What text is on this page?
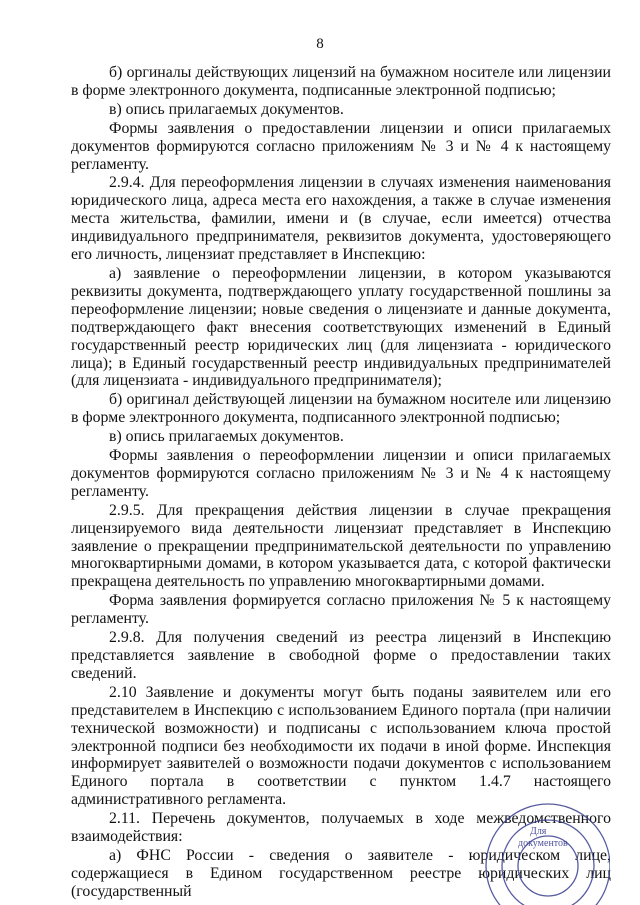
8

б) оргиналы действующих лицензий на бумажном носителе или лицензии в форме электронного документа, подписанные электронной подписью;

в) опись прилагаемых документов.

Формы заявления о предоставлении лицензии и описи прилагаемых документов формируются согласно приложениям № 3 и № 4 к настоящему регламенту.

2.9.4. Для переоформления лицензии в случаях изменения наименования юридического лица, адреса места его нахождения, а также в случае изменения места жительства, фамилии, имени и (в случае, если имеется) отчества индивидуального предпринимателя, реквизитов документа, удостоверяющего его личность, лицензиат представляет в Инспекцию:

а) заявление о переоформлении лицензии, в котором указываются реквизиты документа, подтверждающего уплату государственной пошлины за переоформление лицензии; новые сведения о лицензиате и данные документа, подтверждающего факт внесения соответствующих изменений в Единый государственный реестр юридических лиц (для лицензиата - юридического лица); в Единый государственный реестр индивидуальных предпринимателей (для лицензиата - индивидуального предпринимателя);

б) оригинал действующей лицензии на бумажном носителе или лицензию в форме электронного документа, подписанного электронной подписью;

в) опись прилагаемых документов.

Формы заявления о переоформлении лицензии и описи прилагаемых документов формируются согласно приложениям № 3 и № 4 к настоящему регламенту.

2.9.5. Для прекращения действия лицензии в случае прекращения лицензируемого вида деятельности лицензиат представляет в Инспекцию заявление о прекращении предпринимательской деятельности по управлению многоквартирными домами, в котором указывается дата, с которой фактически прекращена деятельность по управлению многоквартирными домами.

Форма заявления формируется согласно приложения № 5 к настоящему регламенту.

2.9.8. Для получения сведений из реестра лицензий в Инспекцию представляется заявление в свободной форме о предоставлении таких сведений.

2.10 Заявление и документы могут быть поданы заявителем или его представителем в Инспекцию с использованием Единого портала (при наличии технической возможности) и подписаны с использованием ключа простой электронной подписи без необходимости их подачи в иной форме. Инспекция информирует заявителей о возможности подачи документов с использованием Единого портала в соответствии с пунктом 1.4.7 настоящего административного регламента.

2.11. Перечень документов, получаемых в ходе межведомственного взаимодействия:

а) ФНС России - сведения о заявителе - юридическом лице, содержащиеся в Едином государственном реестре юридических лиц (государственный

Для
документов
